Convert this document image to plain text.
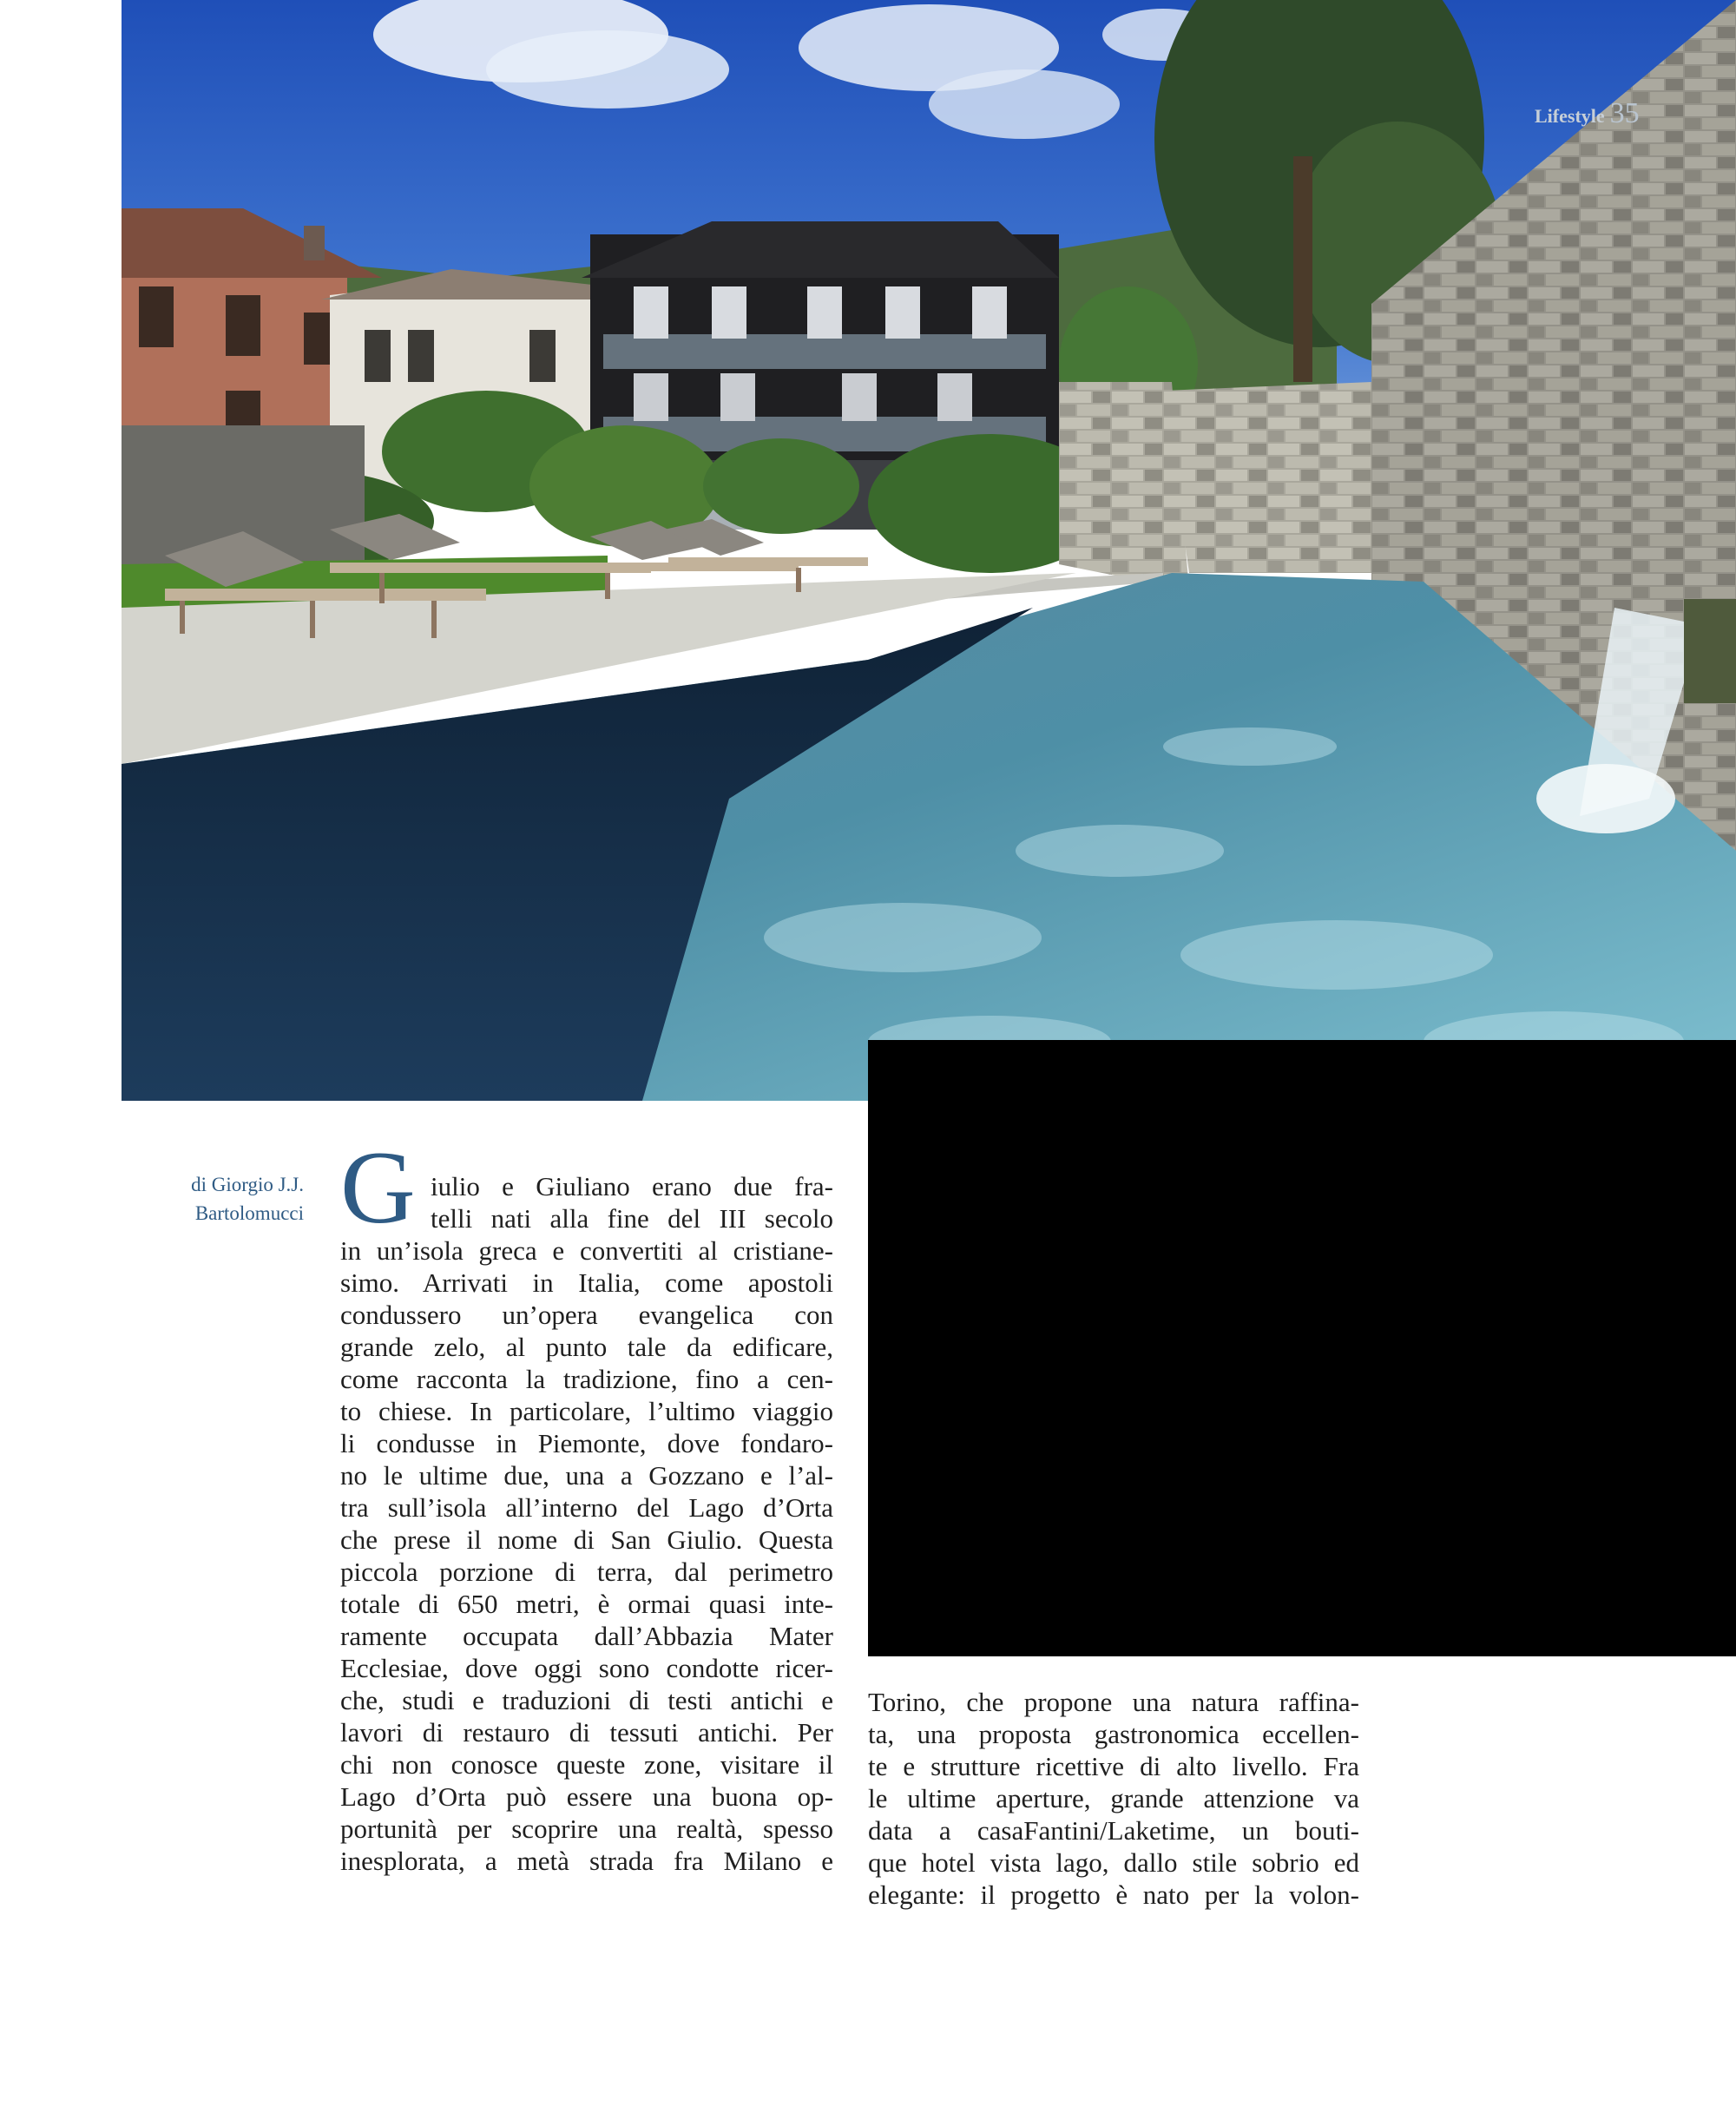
Lifestyle 35
di Giorgio J.J.
Bartolomucci G iulio e Giuliano erano due fra-
telli nati alla fine del III secolo
in un’isola greca e convertiti al cristiane-
simo. Arrivati in Italia, come apostoli
condussero un’opera evangelica con
grande zelo, al punto tale da edificare,
come racconta la tradizione, fino a cen-
to chiese. In particolare, l’ultimo viaggio
li condusse in Piemonte, dove fondaro-
no le ultime due, una a Gozzano e l’al-
tra sull’isola all’interno del Lago d’Orta
che prese il nome di San Giulio. Questa
piccola porzione di terra, dal perimetro
totale di 650 metri, è ormai quasi inte-
ramente occupata dall’Abbazia Mater
Ecclesiae, dove oggi sono condotte ricer-
che, studi e traduzioni di testi antichi e
lavori di restauro di tessuti antichi. Per
chi non conosce queste zone, visitare il
Lago d’Orta può essere una buona op-
portunità per scoprire una realtà, spesso
inesplorata, a metà strada fra Milano e
Torino, che propone una natura raffina-
ta, una proposta gastronomica eccellen-
te e strutture ricettive di alto livello. Fra
le ultime aperture, grande attenzione va
data a casaFantini/Laketime, un bouti-
que hotel vista lago, dallo stile sobrio ed
elegante: il progetto è nato per la volon-
